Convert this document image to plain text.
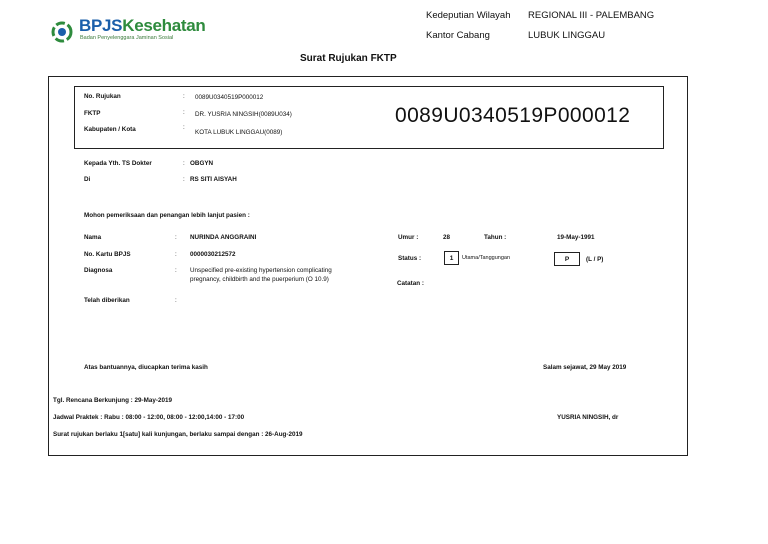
BPJSKesehatan
Badan Penyelenggara Jaminan Sosial
Kedeputian Wilayah REGIONAL III - PALEMBANG
Kantor Cabang	LUBUK LINGGAU
Surat Rujukan FKTP
No. Rujukan	: 0089U0340519P000012
FKTP	: DR. YUSRIA NINGSIH(0089U034)
Kabupaten / Kota	:
KOTA LUBUK LINGGAU(0089)
0089U0340519P000012
Kepada Yth. TS Dokter	: OBGYN
Di	: RS SITI AISYAH
Mohon pemeriksaan dan penangan lebih lanjut pasien :
Nama	: NURINDA ANGGRAINI
No. Kartu BPJS	: 0000030212572
Diagnosa	: Unspecified pre-existing hypertension complicating
pregnancy, childbirth and the puerperium (O 10.9)
Telah diberikan	:
Umur :	28	Tahun :	19-May-1991
Status :	1	Utama/Tanggungan	P	(L / P)
Catatan :
Atas bantuannya, diucapkan terima kasih	Salam sejawat, 29 May 2019
Tgl. Rencana Berkunjung : 29-May-2019
Jadwal Praktek : Rabu : 08:00 - 12:00, 08:00 - 12:00,14:00 - 17:00	YUSRIA NINGSIH, dr
Surat rujukan berlaku 1[satu] kali kunjungan, berlaku sampai dengan : 26-Aug-2019
